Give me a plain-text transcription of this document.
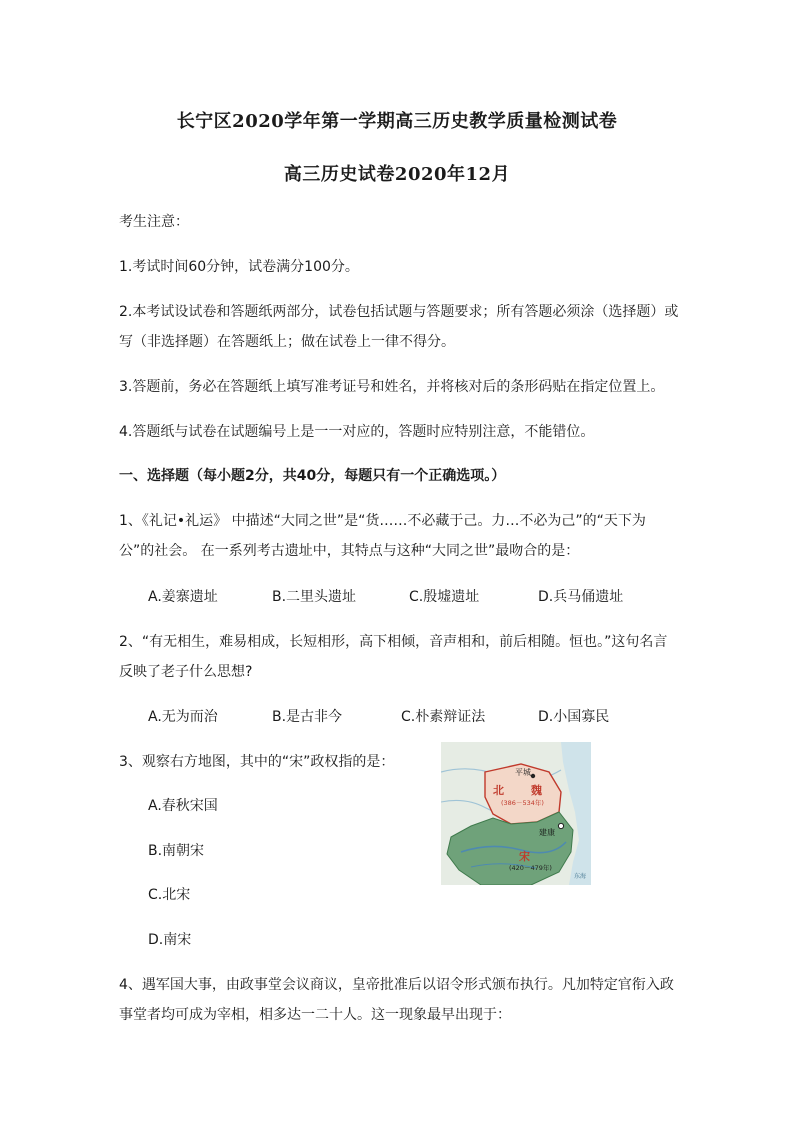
长宁区2020学年第一学期高三历史教学质量检测试卷
高三历史试卷2020年12月
考生注意：
1.考试时间60分钟，试卷满分100分。
2.本考试设试卷和答题纸两部分，试卷包括试题与答题要求；所有答题必须涂（选择题）或
写（非选择题）在答题纸上；做在试卷上一律不得分。
3.答题前，务必在答题纸上填写准考证号和姓名，并将核对后的条形码贴在指定位置上。
4.答题纸与试卷在试题编号上是一一对应的，答题时应特别注意，不能错位。
一、选择题（每小题2分，共40分，每题只有一个正确选项。）
1、《礼记•礼运》 中描述“大同之世”是“货……不必藏于己。力…不必为己”的“天下为
公”的社会。 在一系列考古遗址中，其特点与这种“大同之世”最吻合的是：
A.姜寨遗址	B.二里头遗址	C.殷墟遗址	D.兵马俑遗址
2、“有无相生，难易相成，长短相形，高下相倾，音声相和，前后相随。恒也。”这句名言
反映了老子什么思想?
A.无为而治	B.是古非今	C.朴素辩证法	D.小国寡民
3、观察右方地图，其中的“宋”政权指的是：
A.春秋宋国
B.南朝宋
C.北宋
D.南宋
平城
北 魏
(386－534年)
建康
宋
(420－479年)
东海
4、遇军国大事，由政事堂会议商议，皇帝批准后以诏令形式颁布执行。凡加特定官衔入政
事堂者均可成为宰相，相多达一二十人。这一现象最早出现于：
